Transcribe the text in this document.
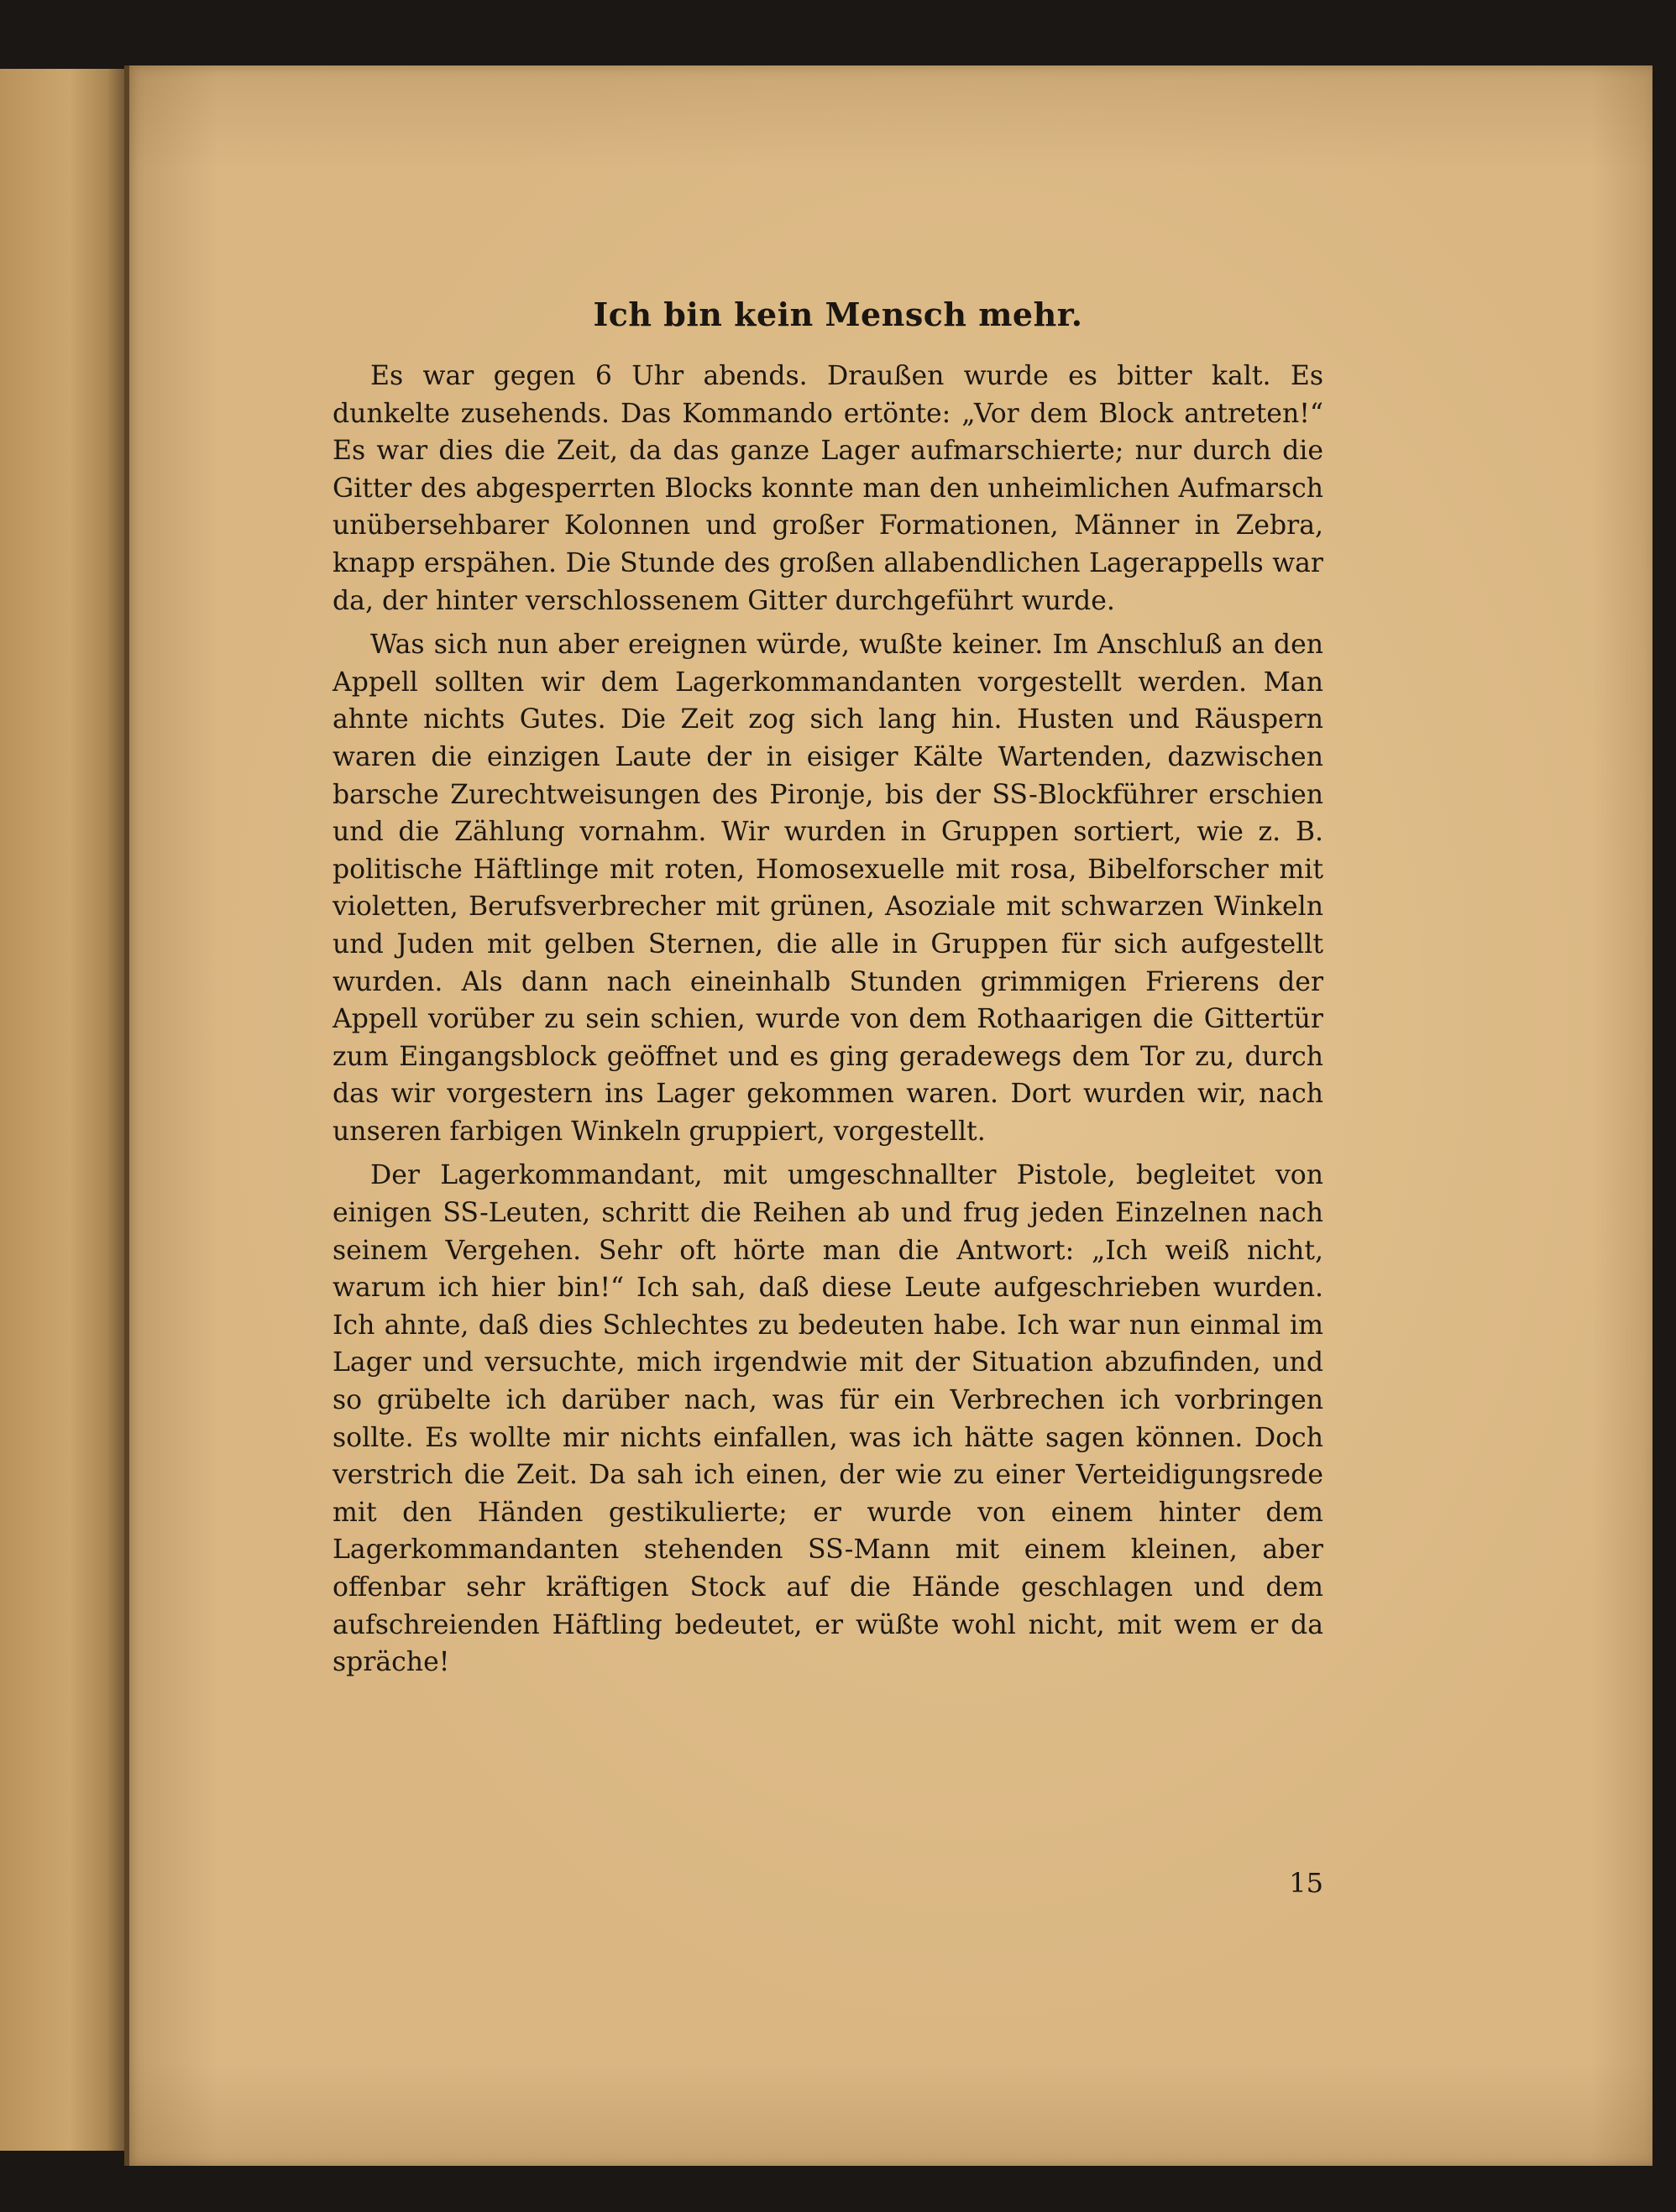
Ich bin kein Mensch mehr.

Es war gegen 6 Uhr abends. Draußen wurde es bitter kalt. Es dunkelte zusehends. Das Kommando ertönte: „Vor dem Block antreten!“ Es war dies die Zeit, da das ganze Lager aufmarschierte; nur durch die Gitter des abgesperrten Blocks konnte man den unheimlichen Aufmarsch unübersehbarer Kolonnen und großer Formationen, Männer in Zebra, knapp erspähen. Die Stunde des großen allabendlichen Lagerappells war da, der hinter verschlossenem Gitter durchgeführt wurde.

Was sich nun aber ereignen würde, wußte keiner. Im Anschluß an den Appell sollten wir dem Lagerkommandanten vorgestellt werden. Man ahnte nichts Gutes. Die Zeit zog sich lang hin. Husten und Räuspern waren die einzigen Laute der in eisiger Kälte Wartenden, dazwischen barsche Zurechtweisungen des Pironje, bis der SS-Blockführer erschien und die Zählung vornahm. Wir wurden in Gruppen sortiert, wie z. B. politische Häftlinge mit roten, Homosexuelle mit rosa, Bibelforscher mit violetten, Berufsverbrecher mit grünen, Asoziale mit schwarzen Winkeln und Juden mit gelben Sternen, die alle in Gruppen für sich aufgestellt wurden. Als dann nach eineinhalb Stunden grimmigen Frierens der Appell vorüber zu sein schien, wurde von dem Rothaarigen die Gittertür zum Eingangsblock geöffnet und es ging geradewegs dem Tor zu, durch das wir vorgestern ins Lager gekommen waren. Dort wurden wir, nach unseren farbigen Winkeln gruppiert, vorgestellt.

Der Lagerkommandant, mit umgeschnallter Pistole, begleitet von einigen SS-Leuten, schritt die Reihen ab und frug jeden Einzelnen nach seinem Vergehen. Sehr oft hörte man die Antwort: „Ich weiß nicht, warum ich hier bin!“ Ich sah, daß diese Leute aufgeschrieben wurden. Ich ahnte, daß dies Schlechtes zu bedeuten habe. Ich war nun einmal im Lager und versuchte, mich irgendwie mit der Situation abzufinden, und so grübelte ich darüber nach, was für ein Verbrechen ich vorbringen sollte. Es wollte mir nichts einfallen, was ich hätte sagen können. Doch verstrich die Zeit. Da sah ich einen, der wie zu einer Verteidigungsrede mit den Händen gestikulierte; er wurde von einem hinter dem Lagerkommandanten stehenden SS-Mann mit einem kleinen, aber offenbar sehr kräftigen Stock auf die Hände geschlagen und dem aufschreienden Häftling bedeutet, er wüßte wohl nicht, mit wem er da spräche!

15
